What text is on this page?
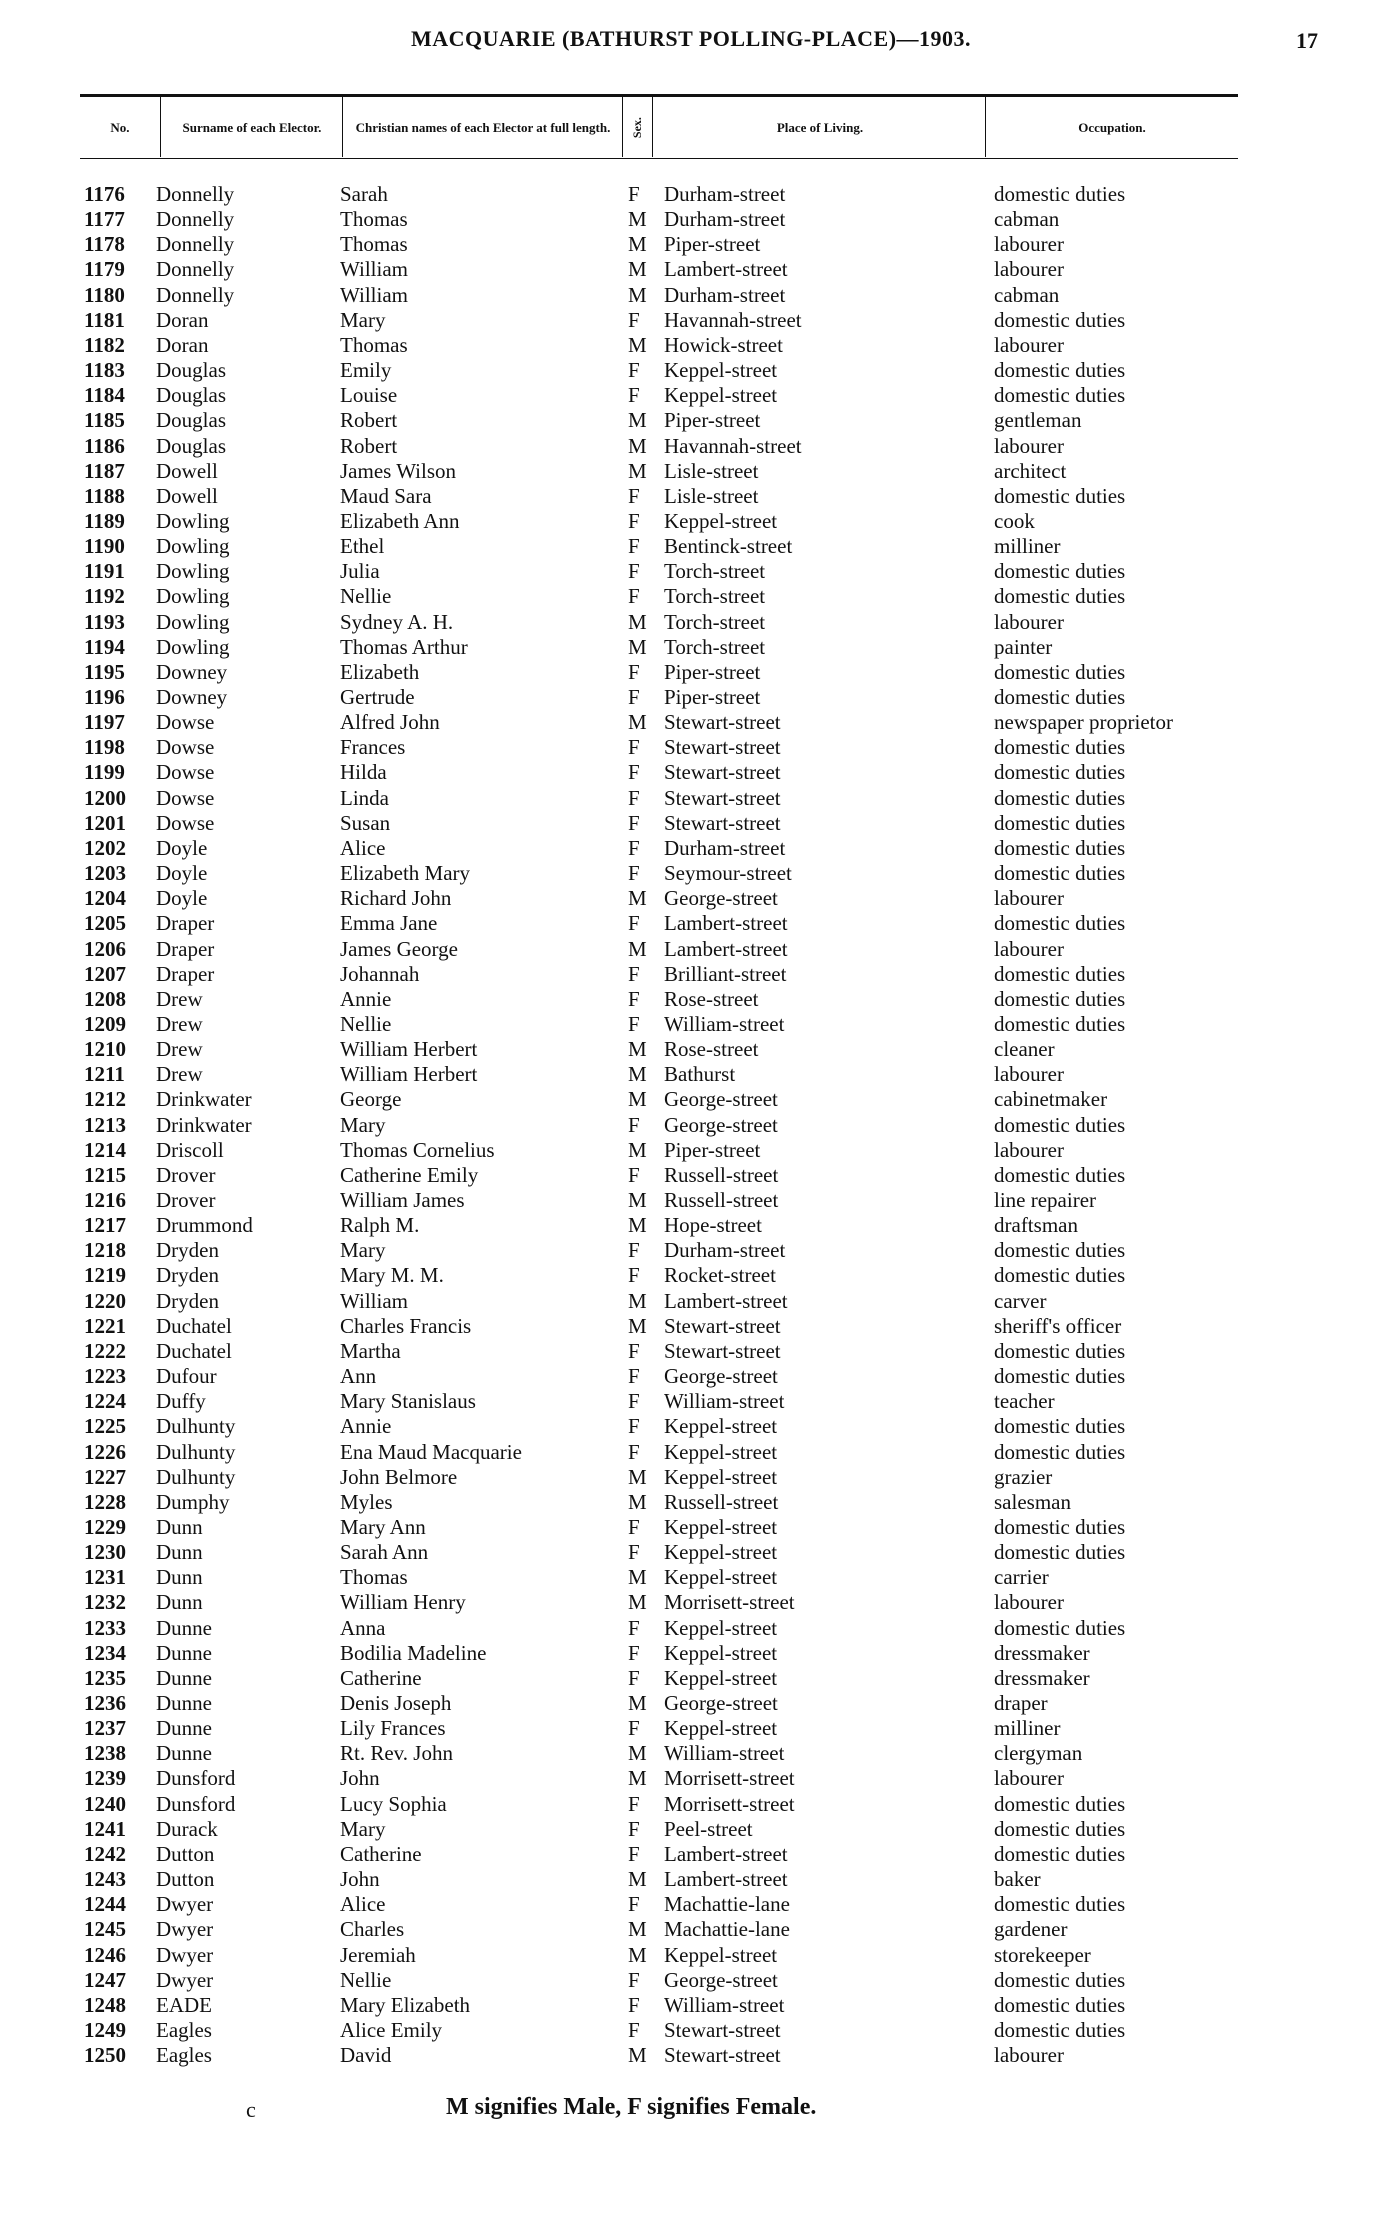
MACQUARIE (BATHURST POLLING-PLACE)—1903.	17
No.	Surname of each Elector.	Christian names of each Elector at full length.	Sex.	Place of Living.	Occupation.
1176 Donnelly	Sarah	F Durham-street	domestic duties
1177 Donnelly	Thomas	M Durham-street	cabman
1178 Donnelly	Thomas	M Piper-street	labourer
1179 Donnelly	William	M Lambert-street	labourer
1180 Donnelly	William	M Durham-street	cabman
1181 Doran	Mary	F Havannah-street	domestic duties
1182 Doran	Thomas	M Howick-street	labourer
1183 Douglas	Emily	F Keppel-street	domestic duties
1184 Douglas	Louise	F Keppel-street	domestic duties
1185 Douglas	Robert	M Piper-street	gentleman
1186 Douglas	Robert	M Havannah-street	labourer
1187 Dowell	James Wilson	M Lisle-street	architect
1188 Dowell	Maud Sara	F Lisle-street	domestic duties
1189 Dowling	Elizabeth Ann	F Keppel-street	cook
1190 Dowling	Ethel	F Bentinck-street	milliner
1191 Dowling	Julia	F Torch-street	domestic duties
1192 Dowling	Nellie	F Torch-street	domestic duties
1193 Dowling	Sydney A. H.	M Torch-street	labourer
1194 Dowling	Thomas Arthur	M Torch-street	painter
1195 Downey	Elizabeth	F Piper-street	domestic duties
1196 Downey	Gertrude	F Piper-street	domestic duties
1197 Dowse	Alfred John	M Stewart-street	newspaper proprietor
1198 Dowse	Frances	F Stewart-street	domestic duties
1199 Dowse	Hilda	F Stewart-street	domestic duties
1200 Dowse	Linda	F Stewart-street	domestic duties
1201 Dowse	Susan	F Stewart-street	domestic duties
1202 Doyle	Alice	F Durham-street	domestic duties
1203 Doyle	Elizabeth Mary	F Seymour-street	domestic duties
1204 Doyle	Richard John	M George-street	labourer
1205 Draper	Emma Jane	F Lambert-street	domestic duties
1206 Draper	James George	M Lambert-street	labourer
1207 Draper	Johannah	F Brilliant-street	domestic duties
1208 Drew	Annie	F Rose-street	domestic duties
1209 Drew	Nellie	F William-street	domestic duties
1210 Drew	William Herbert	M Rose-street	cleaner
1211 Drew	William Herbert	M Bathurst	labourer
1212 Drinkwater	George	M George-street	cabinetmaker
1213 Drinkwater	Mary	F George-street	domestic duties
1214 Driscoll	Thomas Cornelius	M Piper-street	labourer
1215 Drover	Catherine Emily	F Russell-street	domestic duties
1216 Drover	William James	M Russell-street	line repairer
1217 Drummond	Ralph M.	M Hope-street	draftsman
1218 Dryden	Mary	F Durham-street	domestic duties
1219 Dryden	Mary M. M.	F Rocket-street	domestic duties
1220 Dryden	William	M Lambert-street	carver
1221 Duchatel	Charles Francis	M Stewart-street	sheriff's officer
1222 Duchatel	Martha	F Stewart-street	domestic duties
1223 Dufour	Ann	F George-street	domestic duties
1224 Duffy	Mary Stanislaus	F William-street	teacher
1225 Dulhunty	Annie	F Keppel-street	domestic duties
1226 Dulhunty	Ena Maud Macquarie	F Keppel-street	domestic duties
1227 Dulhunty	John Belmore	M Keppel-street	grazier
1228 Dumphy	Myles	M Russell-street	salesman
1229 Dunn	Mary Ann	F Keppel-street	domestic duties
1230 Dunn	Sarah Ann	F Keppel-street	domestic duties
1231 Dunn	Thomas	M Keppel-street	carrier
1232 Dunn	William Henry	M Morrisett-street	labourer
1233 Dunne	Anna	F Keppel-street	domestic duties
1234 Dunne	Bodilia Madeline	F Keppel-street	dressmaker
1235 Dunne	Catherine	F Keppel-street	dressmaker
1236 Dunne	Denis Joseph	M George-street	draper
1237 Dunne	Lily Frances	F Keppel-street	milliner
1238 Dunne	Rt. Rev. John	M William-street	clergyman
1239 Dunsford	John	M Morrisett-street	labourer
1240 Dunsford	Lucy Sophia	F Morrisett-street	domestic duties
1241 Durack	Mary	F Peel-street	domestic duties
1242 Dutton	Catherine	F Lambert-street	domestic duties
1243 Dutton	John	M Lambert-street	baker
1244 Dwyer	Alice	F Machattie-lane	domestic duties
1245 Dwyer	Charles	M Machattie-lane	gardener
1246 Dwyer	Jeremiah	M Keppel-street	storekeeper
1247 Dwyer	Nellie	F George-street	domestic duties
1248 EADE	Mary Elizabeth	F William-street	domestic duties
1249 Eagles	Alice Emily	F Stewart-street	domestic duties
1250 Eagles	David	M Stewart-street	labourer
c	M signifies Male, F signifies Female.
